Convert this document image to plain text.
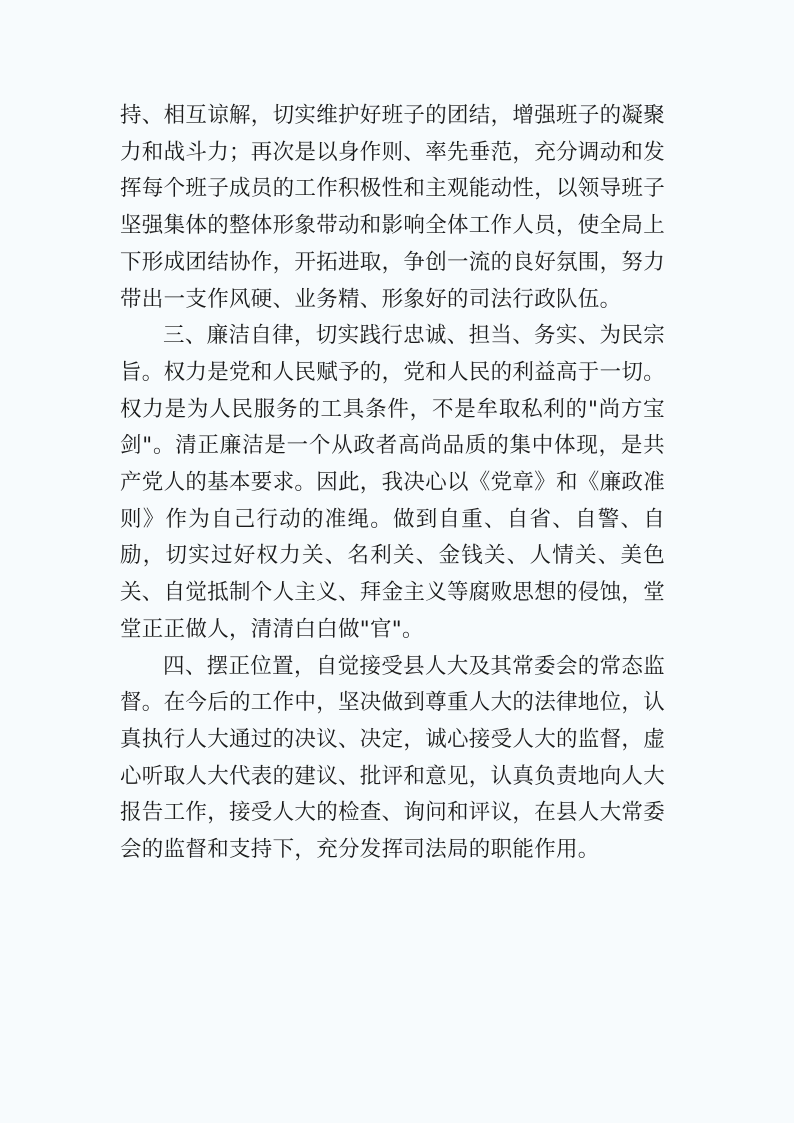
持、相互谅解，切实维护好班子的团结，增强班子的凝聚力和战斗力；再次是以身作则、率先垂范，充分调动和发挥每个班子成员的工作积极性和主观能动性，以领导班子坚强集体的整体形象带动和影响全体工作人员，使全局上下形成团结协作，开拓进取，争创一流的良好氛围，努力带出一支作风硬、业务精、形象好的司法行政队伍。

三、廉洁自律，切实践行忠诚、担当、务实、为民宗旨。权力是党和人民赋予的，党和人民的利益高于一切。权力是为人民服务的工具条件，不是牟取私利的"尚方宝剑"。清正廉洁是一个从政者高尚品质的集中体现，是共产党人的基本要求。因此，我决心以《党章》和《廉政准则》作为自己行动的准绳。做到自重、自省、自警、自励，切实过好权力关、名利关、金钱关、人情关、美色关、自觉抵制个人主义、拜金主义等腐败思想的侵蚀，堂堂正正做人，清清白白做"官"。

四、摆正位置，自觉接受县人大及其常委会的常态监督。在今后的工作中，坚决做到尊重人大的法律地位，认真执行人大通过的决议、决定，诚心接受人大的监督，虚心听取人大代表的建议、批评和意见，认真负责地向人大报告工作，接受人大的检查、询问和评议，在县人大常委会的监督和支持下，充分发挥司法局的职能作用。
